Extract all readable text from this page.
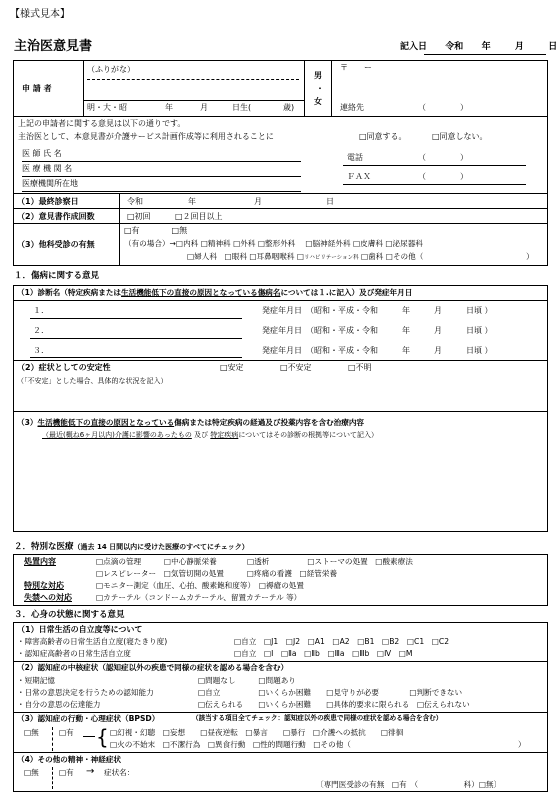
【様式見本】
主治医意見書	記入日 令和 年	月	日
申 請 者
（ふりがな）
明・大・昭	年	月	日生(	歳)
男
・
女
〒　　ー
連絡先	（	）
上記の申請者に関する意見は以下の通りです。
主治医として、本意見書が介護サービス計画作成等に利用されることに	□同意する。	□同意しない。
医 師 氏 名
医 療 機 関 名
医療機関所在地
電話	（	）
ＦＡＸ	（	）
（1）最終診察日	令和	年	月	日
（2）意見書作成回数	□初回	□２回目以上
（3）他科受診の有無
□有　　　　□無
（有の場合）→□内科 □精神科 □外科 □整形外科 　□脳神経外科 □皮膚科 □泌尿器科
□婦人科　□眼科 □耳鼻咽喉科 □リハビリテーション科 □歯科 □その他（	）
１．傷病に関する意見
（1）診断名（特定疾病または生活機能低下の直接の原因となっている傷病名については１.に記入）及び発症年月日
１.	発症年月日　（昭和・平成・令和　　　年　　　月　　　日頃 ）
２.	発症年月日　（昭和・平成・令和　　　年　　　月　　　日頃 ）
３.	発症年月日　（昭和・平成・令和　　　年　　　月　　　日頃 ）
（2）症状としての安定性	□安定	□不安定	□不明
（「不安定」とした場合、具体的な状況を記入）
（3）生活機能低下の直接の原因となっている傷病または特定疾病の経過及び投薬内容を含む治療内容
（最近(概ね6ヶ月以内)介護に影響のあったもの 及び 特定疾病についてはその診断の根拠等について記入）
２．特別な医療（過去 14 日間以内に受けた医療のすべてにチェック）
処置内容	□点滴の管理　　　□中心静脈栄養　　　　□透析　　　　　□ストーマの処置　□酸素療法
□レスピレーター　□気管切開の処置　　　□疼痛の看護　□経管栄養
特別な対応	□モニター測定（血圧、心拍、酸素飽和度等）　□褥瘡の処置
失禁への対応	□カテーテル（コンドームカテーテル、留置カテーテル 等）
３．心身の状態に関する意見
（1）日常生活の自立度等について
・障害高齢者の日常生活自立度(寝たきり度)	□自立　□J1　□J2　□A1　□A2　□B1　□B2　□C1　□C2
・認知症高齢者の日常生活自立度	□自立　□Ⅰ　□Ⅱa　□Ⅱb　□Ⅲa　□Ⅲb　□Ⅳ　□M
（2）認知症の中核症状（認知症以外の疾患で同様の症状を認める場合を含む）
・短期記憶	□問題なし　　　□問題あり
・日常の意思決定を行うための認知能力	□自立　　　　　□いくらか困難　　□見守りが必要　　　　□判断できない
・自分の意思の伝達能力	□伝えられる　　□いくらか困難　　□具体的要求に限られる　□伝えられない
（3）認知症の行動・心理症状（BPSD）	（該当する項目全てチェック：認知症以外の疾患で同様の症状を認める場合を含む）
□無	□有 { □幻視・幻聴　□妄想　　□昼夜逆転　□暴言　　□暴行　□介護への抵抗　　□徘徊
□火の不始末　□不潔行為　□異食行動　□性的問題行動　□その他（	）
（4）その他の精神・神経症状
□無	□有 → 症状名：
〔専門医受診の有無　□有　（　　　　　　科）□無〕
